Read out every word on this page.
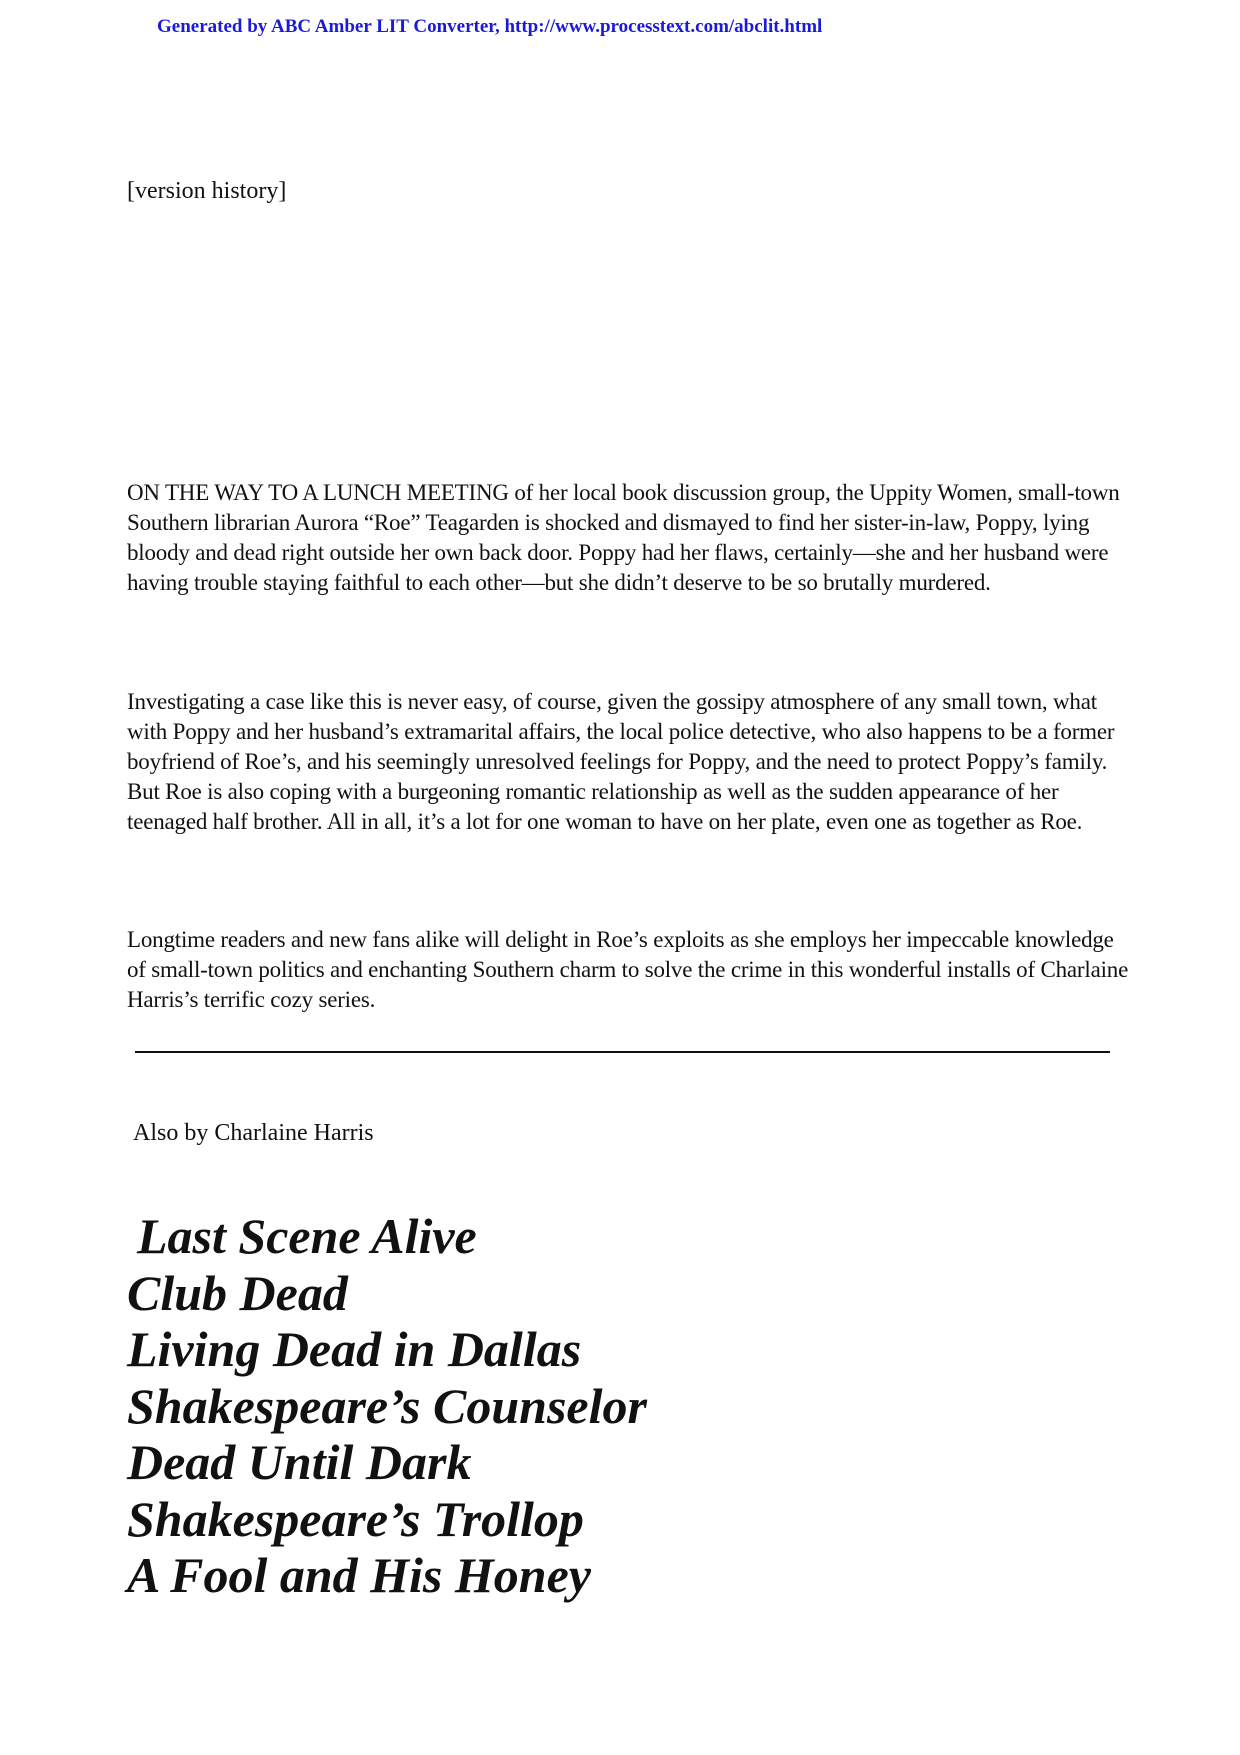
Generated by ABC Amber LIT Converter, http://www.processtext.com/abclit.html
[version history]

ON THE WAY TO A LUNCH MEETING of her local book discussion group, the Uppity Women, small-town Southern librarian Aurora “Roe” Teagarden is shocked and dismayed to find her sister-in-law, Poppy, lying bloody and dead right outside her own back door. Poppy had her flaws, certainly—she and her husband were having trouble staying faithful to each other—but she didn’t deserve to be so brutally murdered.

Investigating a case like this is never easy, of course, given the gossipy atmosphere of any small town, what with Poppy and her husband’s extramarital affairs, the local police detective, who also happens to be a former boyfriend of Roe’s, and his seemingly unresolved feelings for Poppy, and the need to protect Poppy’s family. But Roe is also coping with a burgeoning romantic relationship as well as the sudden appearance of her teenaged half brother. All in all, it’s a lot for one woman to have on her plate, even one as together as Roe.

Longtime readers and new fans alike will delight in Roe’s exploits as she employs her impeccable knowledge of small-town politics and enchanting Southern charm to solve the crime in this wonderful installs of Charlaine Harris’s terrific cozy series.

Also by Charlaine Harris
Last Scene Alive
Club Dead
Living Dead in Dallas
Shakespeare’s Counselor
Dead Until Dark
Shakespeare’s Trollop
A Fool and His Honey
